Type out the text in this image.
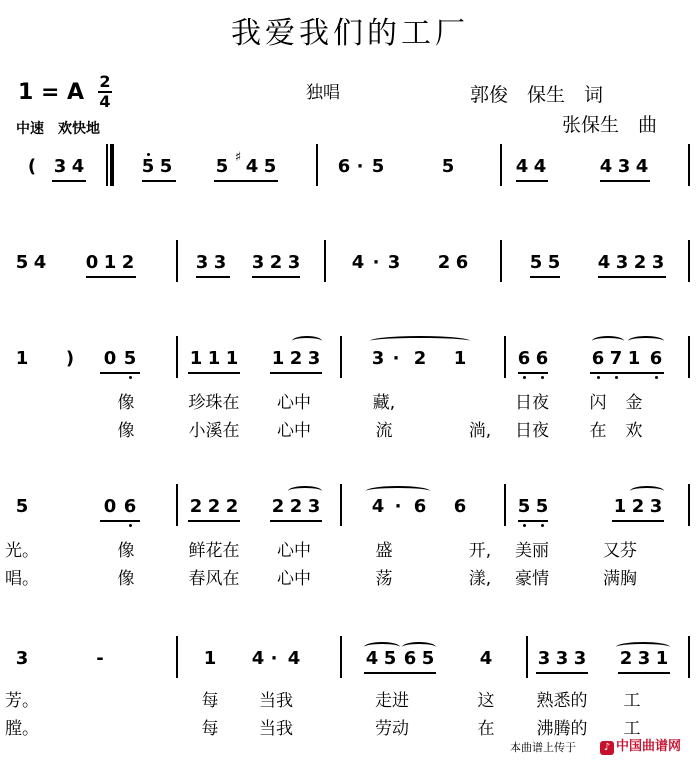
我爱我们的工厂
1 = A 2
4	独唱	郭俊　保生　词
张保生　曲
中速　欢快地
( 3 4	5 5 5 ♯ 4 5	6 · 5	5	4 4	4 3 4
5 4 0 1 2	3 3 3 2 3	4 · 3 2 6	5 5 4 3 2 3
1 ) 0 5	1 1 1 1 2 3	3 · 2 1	6 6 6 7 1 6
像	珍珠在 心中	藏,	日夜 闪 金
像	小溪在 心中	流	淌, 日夜 在 欢
5	0 6	2 2 2 2 2 3	4 · 6 6	5 5	1 2 3
光。	像	鲜花在 心中	盛	开, 美丽	又芬
唱。	像	春风在 心中	荡	漾, 豪情	满胸
3	-	1 4 · 4	4 5 6 5	4	3 3 3 2 3 1
芳。	每 当我	走进	这 熟悉的 工
膛。	每 当我	劳动	在 沸腾的 工
本曲谱上传于	♪ 中国曲谱网
